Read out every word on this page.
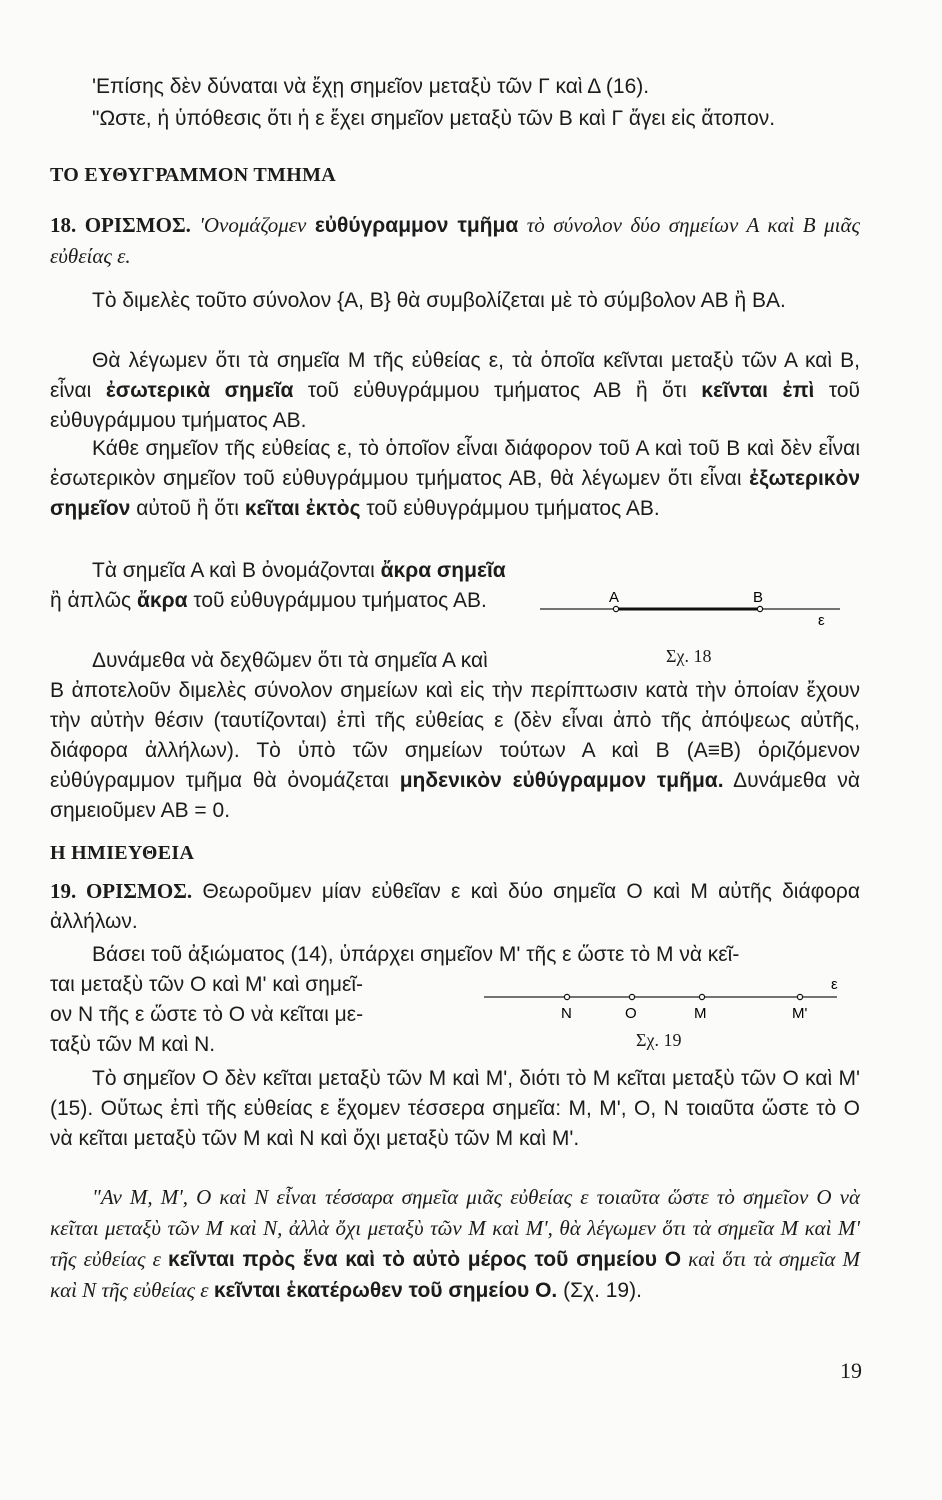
'Επίσης δὲν δύναται νὰ ἔχῃ σημεῖον μεταξὺ τῶν Γ καὶ Δ (16).

"Ωστε, ἡ ὑπόθεσις ὅτι ἡ ε ἔχει σημεῖον μεταξὺ τῶν Β καὶ Γ ἄγει εἰς ἄτοπον.

ΤΟ ΕΥΘΥΓΡΑΜΜΟΝ ΤΜΗΜΑ

18. ΟΡΙΣΜΟΣ. 'Ονομάζομεν εὐθύγραμμον τμῆμα τὸ σύνολον δύο σημείων Α καὶ Β μιᾶς εὐθείας ε.

Τὸ διμελὲς τοῦτο σύνολον {Α, Β} θὰ συμβολίζεται μὲ τὸ σύμβολον ΑΒ ἢ ΒΑ.

Θὰ λέγωμεν ὅτι τὰ σημεῖα Μ τῆς εὐθείας ε, τὰ ὁποῖα κεῖνται μεταξὺ τῶν Α καὶ Β, εἶναι ἐσωτερικὰ σημεῖα τοῦ εὐθυγράμμου τμήματος ΑΒ ἢ ὅτι κεῖνται ἐπὶ τοῦ εὐθυγράμμου τμήματος ΑΒ.

Κάθε σημεῖον τῆς εὐθείας ε, τὸ ὁποῖον εἶναι διάφορον τοῦ Α καὶ τοῦ Β καὶ δὲν εἶναι ἐσωτερικὸν σημεῖον τοῦ εὐθυγράμμου τμήματος ΑΒ, θὰ λέγωμεν ὅτι εἶναι ἐξωτερικὸν σημεῖον αὐτοῦ ἢ ὅτι κεῖται ἐκτὸς τοῦ εὐθυγράμμου τμήματος ΑΒ.

Τὰ σημεῖα Α καὶ Β ὀνομάζονται ἄκρα σημεῖα ἢ ἁπλῶς ἄκρα τοῦ εὐθυγράμμου τμήματος ΑΒ.	Α	Β
ε
Σχ. 18

Δυνάμεθα νὰ δεχθῶμεν ὅτι τὰ σημεῖα Α καὶ

Β ἀποτελοῦν διμελὲς σύνολον σημείων καὶ εἰς τὴν περίπτωσιν κατὰ τὴν ὁποίαν ἔχουν τὴν αὐτὴν θέσιν (ταυτίζονται) ἐπὶ τῆς εὐθείας ε (δὲν εἶναι ἀπὸ τῆς ἀπόψεως αὐτῆς, διάφορα ἀλλήλων). Τὸ ὑπὸ τῶν σημείων τούτων Α καὶ Β (Α≡Β) ὁριζόμενον εὐθύγραμμον τμῆμα θὰ ὀνομάζεται μηδενικὸν εὐθύγραμμον τμῆμα. Δυνάμεθα νὰ σημειοῦμεν ΑΒ = 0.

Η ΗΜΙΕΥΘΕΙΑ

19. ΟΡΙΣΜΟΣ. Θεωροῦμεν μίαν εὐθεῖαν ε καὶ δύο σημεῖα Ο καὶ Μ αὐτῆς διάφορα ἀλλήλων.

Βάσει τοῦ ἀξιώματος (14), ὑπάρχει σημεῖον Μ' τῆς ε ὥστε τὸ Μ νὰ κεῖ-

ται μεταξὺ τῶν Ο καὶ Μ' καὶ σημεῖ-

ον Ν τῆς ε ὥστε τὸ Ο νὰ κεῖται με-

ταξὺ τῶν Μ καὶ Ν.

Ν	Ο	Μ	Μ'
ε
Σχ. 19

Τὸ σημεῖον Ο δὲν κεῖται μεταξὺ τῶν Μ καὶ Μ', διότι τὸ Μ κεῖται μεταξὺ τῶν Ο καὶ Μ' (15). Οὕτως ἐπὶ τῆς εὐθείας ε ἔχομεν τέσσερα σημεῖα: Μ, Μ', Ο, Ν τοιαῦτα ὥστε τὸ Ο νὰ κεῖται μεταξὺ τῶν Μ καὶ Ν καὶ ὄχι μεταξὺ τῶν Μ καὶ Μ'.

"Αν Μ, Μ', Ο καὶ Ν εἶναι τέσσαρα σημεῖα μιᾶς εὐθείας ε τοιαῦτα ὥστε τὸ σημεῖον Ο νὰ κεῖται μεταξὺ τῶν Μ καὶ Ν, ἀλλὰ ὄχι μεταξὺ τῶν Μ καὶ Μ', θὰ λέγωμεν ὅτι τὰ σημεῖα Μ καὶ Μ' τῆς εὐθείας ε κεῖνται πρὸς ἕνα καὶ τὸ αὐτὸ μέρος τοῦ σημείου Ο καὶ ὅτι τὰ σημεῖα Μ καὶ Ν τῆς εὐθείας ε κεῖνται ἑκατέρωθεν τοῦ σημείου Ο. (Σχ. 19).

19
